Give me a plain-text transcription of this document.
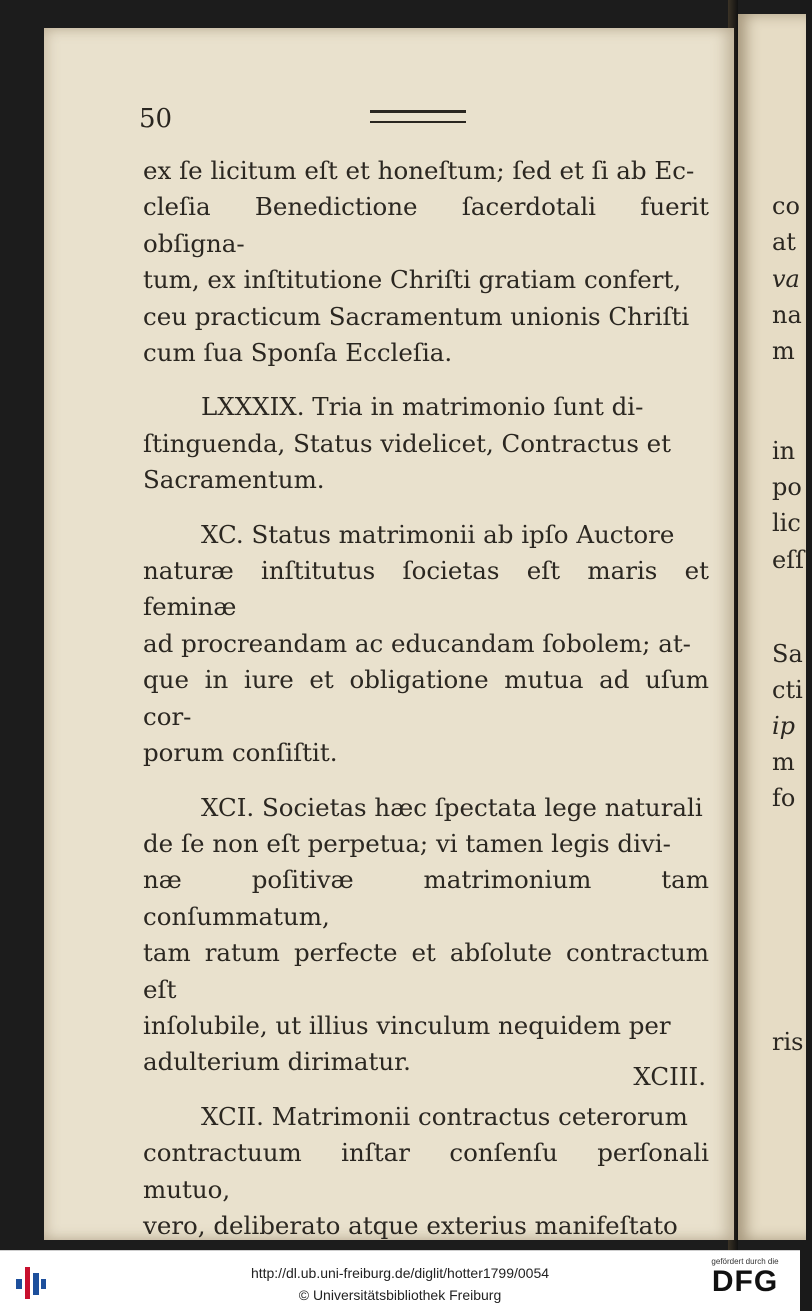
50

ex ſe licitum eſt et honeſtum; ſed et ſi ab Ec-
cleſia Benedictione ſacerdotali fuerit obſigna-
tum, ex inſtitutione Chriſti gratiam confert,
ceu practicum Sacramentum unionis Chriſti
cum ſua Sponſa Eccleſia.

LXXXIX. Tria in matrimonio ſunt di-
ſtinguenda, Status videlicet, Contractus et
Sacramentum.

XC. Status matrimonii ab ipſo Auctore
naturæ inſtitutus ſocietas eſt maris et feminæ
ad procreandam ac educandam ſobolem; at-
que in iure et obligatione mutua ad uſum cor-
porum conſiſtit.

XCI. Societas hæc ſpectata lege naturali
de ſe non eſt perpetua; vi tamen legis divi-
næ poſitivæ matrimonium tam conſummatum,
tam ratum perfecte et abſolute contractum eſt
inſolubile, ut illius vinculum nequidem per
adulterium dirimatur.

XCII. Matrimonii contractus ceterorum
contractuum inſtar conſenſu perſonali mutuo,
vero, deliberato atque exterius manifeſtato

XCIII.
co
at
va
na
m
in
po
lic
eſſ
Sa
cti
ip
m
fo
ris
http://dl.ub.uni-freiburg.de/diglit/hotter1799/0054
© Universitätsbibliothek Freiburg
gefördert durch die
DFG
